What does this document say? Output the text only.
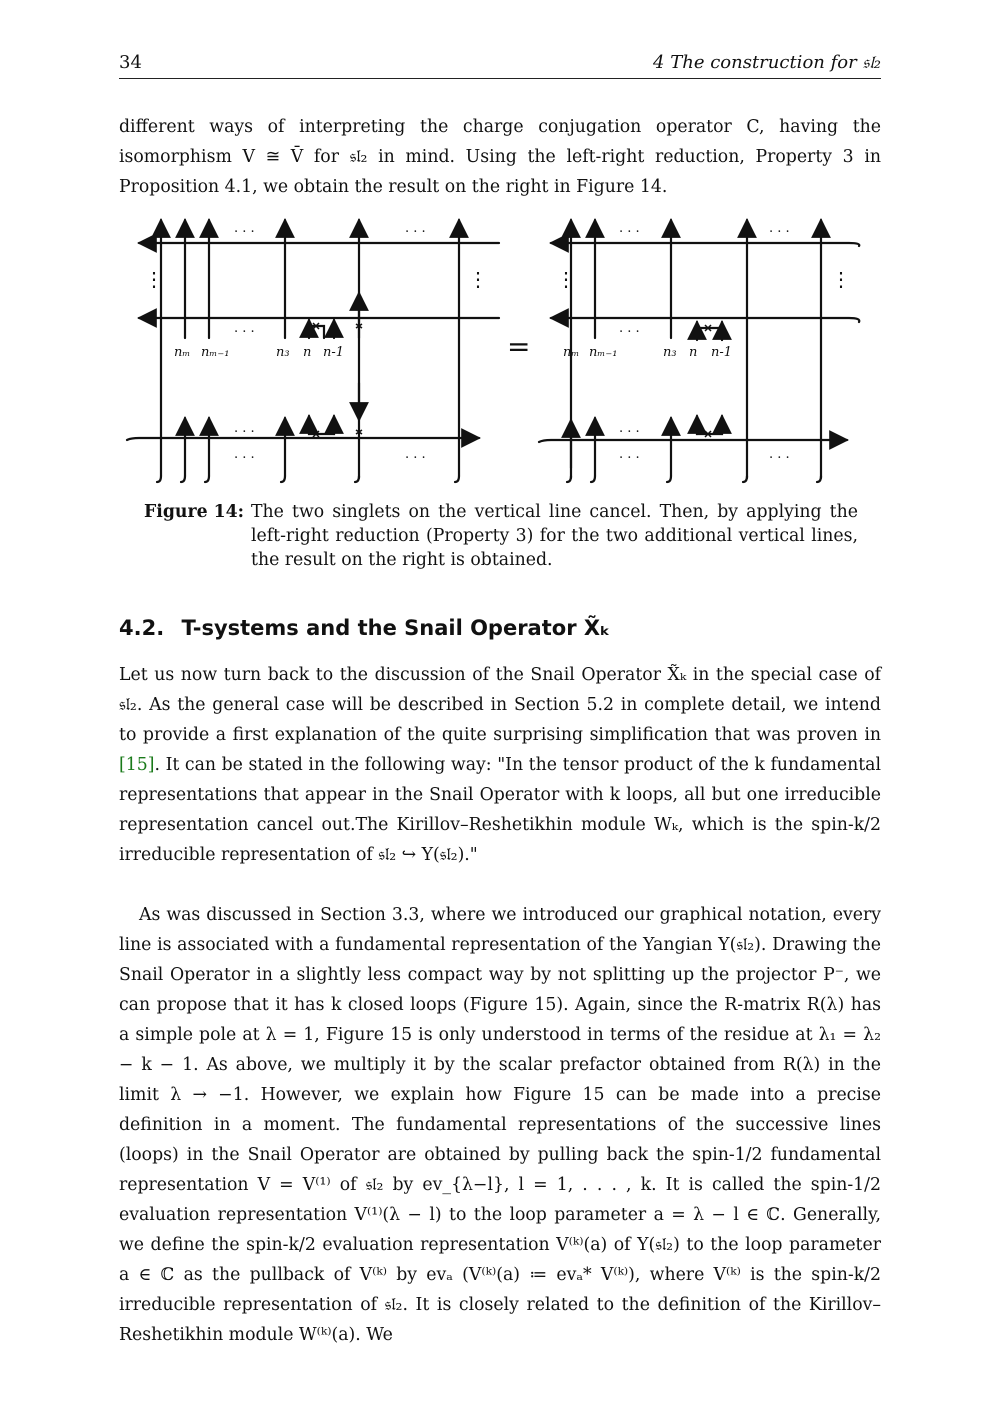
34	4 The construction for 𝔰𝔩₂
different ways of interpreting the charge conjugation operator C, having the isomorphism V ≅ V̄ for 𝔰𝔩₂ in mind. Using the left-right reduction, Property 3 in Proposition 4.1, we obtain the result on the right in Figure 14.
. . .	. . .
. . .
. . .
. . .	. . .
⋮	⋮
. . .	. . .
. . .
. . .
. . .	. . .
⋮	⋮
=
nₘ nₘ₋₁	n₃ n n-1	nₘ nₘ₋₁	n₃ n n-1
Figure 14: The two singlets on the vertical line cancel. Then, by applying the left-right reduction (Property 3) for the two additional vertical lines, the result on the right is obtained.
4.2. T-systems and the Snail Operator X̃ₖ
Let us now turn back to the discussion of the Snail Operator X̃ₖ in the special case of 𝔰𝔩₂. As the general case will be described in Section 5.2 in complete detail, we intend to provide a first explanation of the quite surprising simplification that was proven in [15]. It can be stated in the following way: "In the tensor product of the k fundamental representations that appear in the Snail Operator with k loops, all but one irreducible representation cancel out.The Kirillov–Reshetikhin module Wₖ, which is the spin-k/2 irreducible representation of 𝔰𝔩₂ ↪ Y(𝔰𝔩₂)."
As was discussed in Section 3.3, where we introduced our graphical notation, every line is associated with a fundamental representation of the Yangian Y(𝔰𝔩₂). Drawing the Snail Operator in a slightly less compact way by not splitting up the projector P⁻, we can propose that it has k closed loops (Figure 15). Again, since the R-matrix R(λ) has a simple pole at λ = 1, Figure 15 is only understood in terms of the residue at λ₁ = λ₂ − k − 1. As above, we multiply it by the scalar prefactor obtained from R(λ) in the limit λ → −1. However, we explain how Figure 15 can be made into a precise definition in a moment. The fundamental representations of the successive lines (loops) in the Snail Operator are obtained by pulling back the spin-1/2 fundamental representation V = V⁽¹⁾ of 𝔰𝔩₂ by ev_{λ−l}, l = 1, . . . , k. It is called the spin-1/2 evaluation representation V⁽¹⁾(λ − l) to the loop parameter a = λ − l ∈ ℂ. Generally, we define the spin-k/2 evaluation representation V⁽ᵏ⁾(a) of Y(𝔰𝔩₂) to the loop parameter a ∈ ℂ as the pullback of V⁽ᵏ⁾ by evₐ (V⁽ᵏ⁾(a) ≔ evₐ* V⁽ᵏ⁾), where V⁽ᵏ⁾ is the spin-k/2 irreducible representation of 𝔰𝔩₂. It is closely related to the definition of the Kirillov–Reshetikhin module W⁽ᵏ⁾(a). We
